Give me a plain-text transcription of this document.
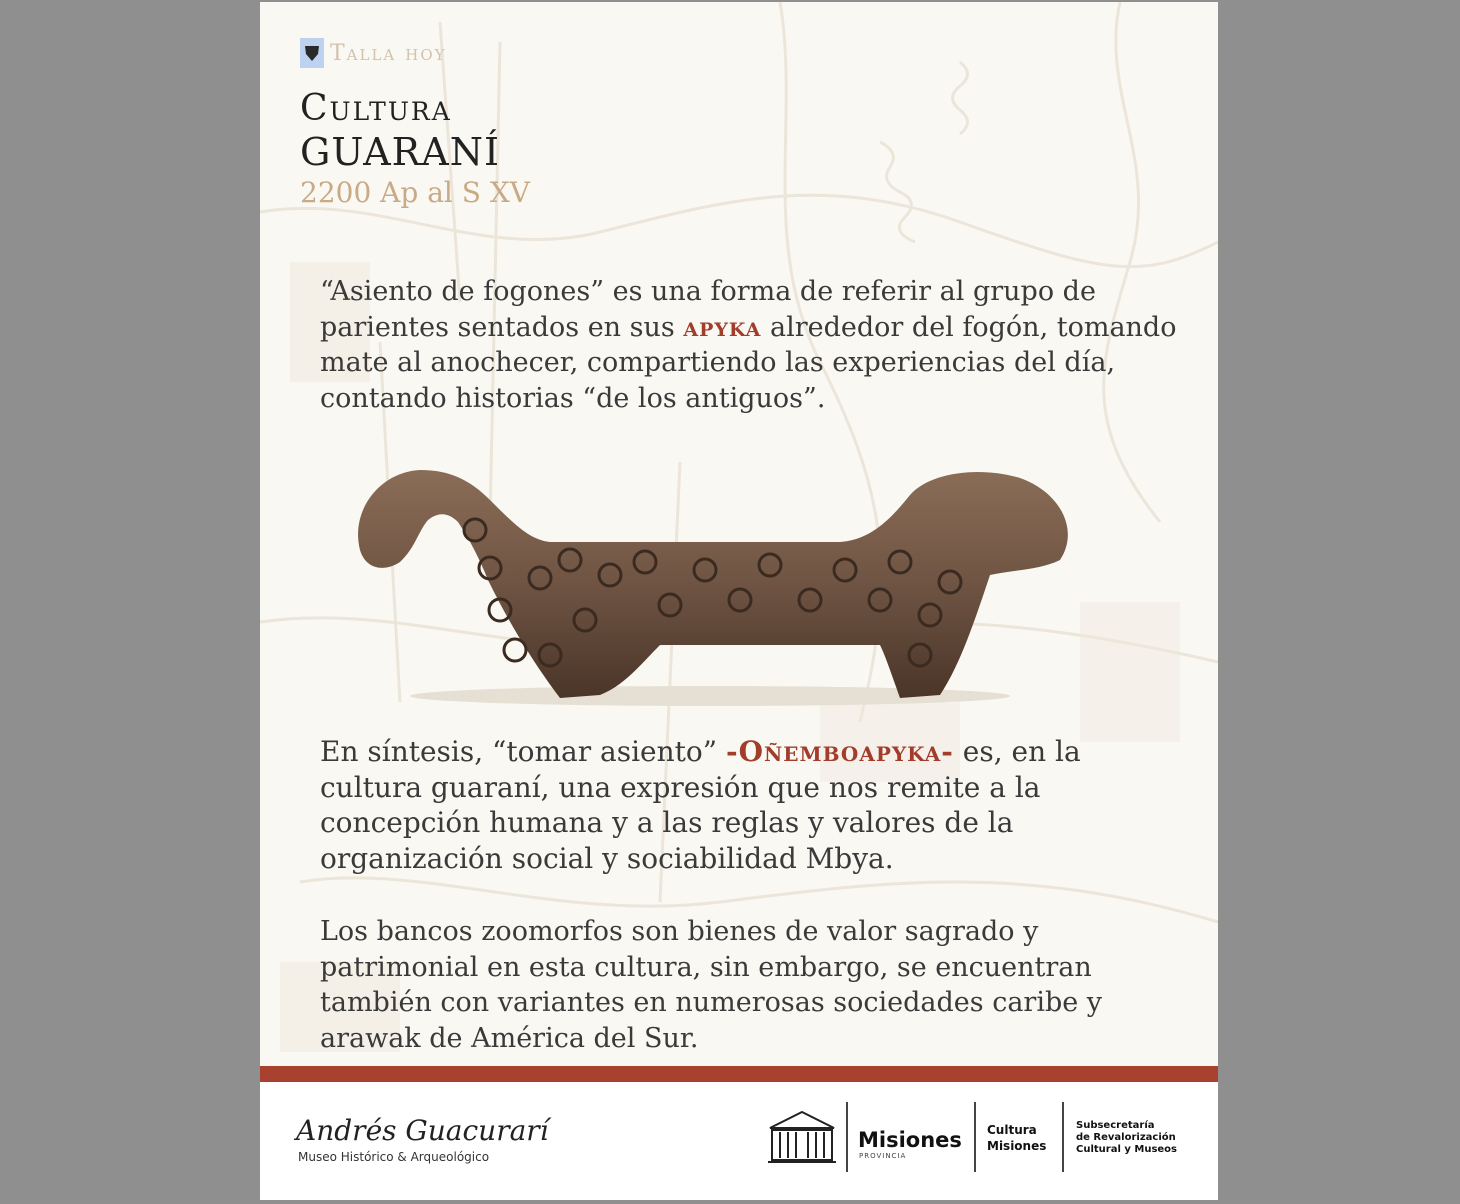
Talla hoy
Cultura
GUARANÍ
2200 Ap al S XV
“Asiento de fogones” es una forma de referir al grupo de parientes sentados en sus apyka alrededor del fogón, tomando mate al anochecer, compartiendo las experiencias del día, contando historias “de los antiguos”.
En síntesis, “tomar asiento” -Oñemboapyka- es, en la cultura guaraní, una expresión que nos remite a la concepción humana y a las reglas y valores de la organización social y sociabilidad Mbya.
Los bancos zoomorfos son bienes de valor sagrado y patrimonial en esta cultura, sin embargo, se encuentran también con variantes en numerosas sociedades caribe y arawak de América del Sur.
Andrés Guacurarí
Museo Histórico & Arqueológico
Misiones
PROVINCIA
Cultura
Misiones
Subsecretaría
de Revalorización
Cultural y Museos
